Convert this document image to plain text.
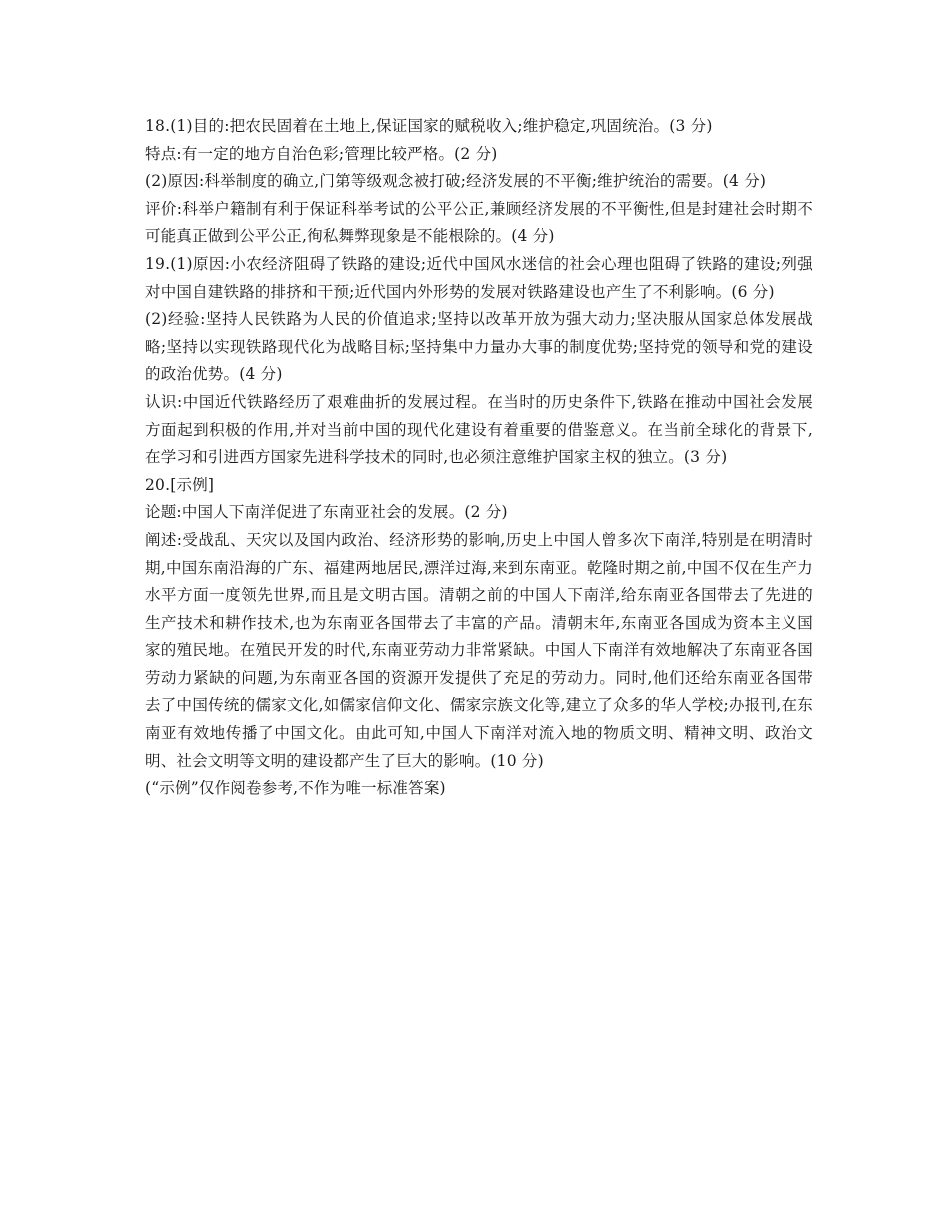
18.(1)目的:把农民固着在土地上,保证国家的赋税收入;维护稳定,巩固统治。(3 分)

特点:有一定的地方自治色彩;管理比较严格。(2 分)

(2)原因:科举制度的确立,门第等级观念被打破;经济发展的不平衡;维护统治的需要。(4 分)

评价:科举户籍制有利于保证科举考试的公平公正,兼顾经济发展的不平衡性,但是封建社会时期不可能真正做到公平公正,徇私舞弊现象是不能根除的。(4 分)

19.(1)原因:小农经济阻碍了铁路的建设;近代中国风水迷信的社会心理也阻碍了铁路的建设;列强对中国自建铁路的排挤和干预;近代国内外形势的发展对铁路建设也产生了不利影响。(6 分)

(2)经验:坚持人民铁路为人民的价值追求;坚持以改革开放为强大动力;坚决服从国家总体发展战略;坚持以实现铁路现代化为战略目标;坚持集中力量办大事的制度优势;坚持党的领导和党的建设的政治优势。(4 分)

认识:中国近代铁路经历了艰难曲折的发展过程。在当时的历史条件下,铁路在推动中国社会发展方面起到积极的作用,并对当前中国的现代化建设有着重要的借鉴意义。在当前全球化的背景下,在学习和引进西方国家先进科学技术的同时,也必须注意维护国家主权的独立。(3 分)

20.[示例]

论题:中国人下南洋促进了东南亚社会的发展。(2 分)

阐述:受战乱、天灾以及国内政治、经济形势的影响,历史上中国人曾多次下南洋,特别是在明清时期,中国东南沿海的广东、福建两地居民,漂洋过海,来到东南亚。乾隆时期之前,中国不仅在生产力水平方面一度领先世界,而且是文明古国。清朝之前的中国人下南洋,给东南亚各国带去了先进的生产技术和耕作技术,也为东南亚各国带去了丰富的产品。清朝末年,东南亚各国成为资本主义国家的殖民地。在殖民开发的时代,东南亚劳动力非常紧缺。中国人下南洋有效地解决了东南亚各国劳动力紧缺的问题,为东南亚各国的资源开发提供了充足的劳动力。同时,他们还给东南亚各国带去了中国传统的儒家文化,如儒家信仰文化、儒家宗族文化等,建立了众多的华人学校;办报刊,在东南亚有效地传播了中国文化。由此可知,中国人下南洋对流入地的物质文明、精神文明、政治文明、社会文明等文明的建设都产生了巨大的影响。(10 分)

(“示例”仅作阅卷参考,不作为唯一标准答案)
